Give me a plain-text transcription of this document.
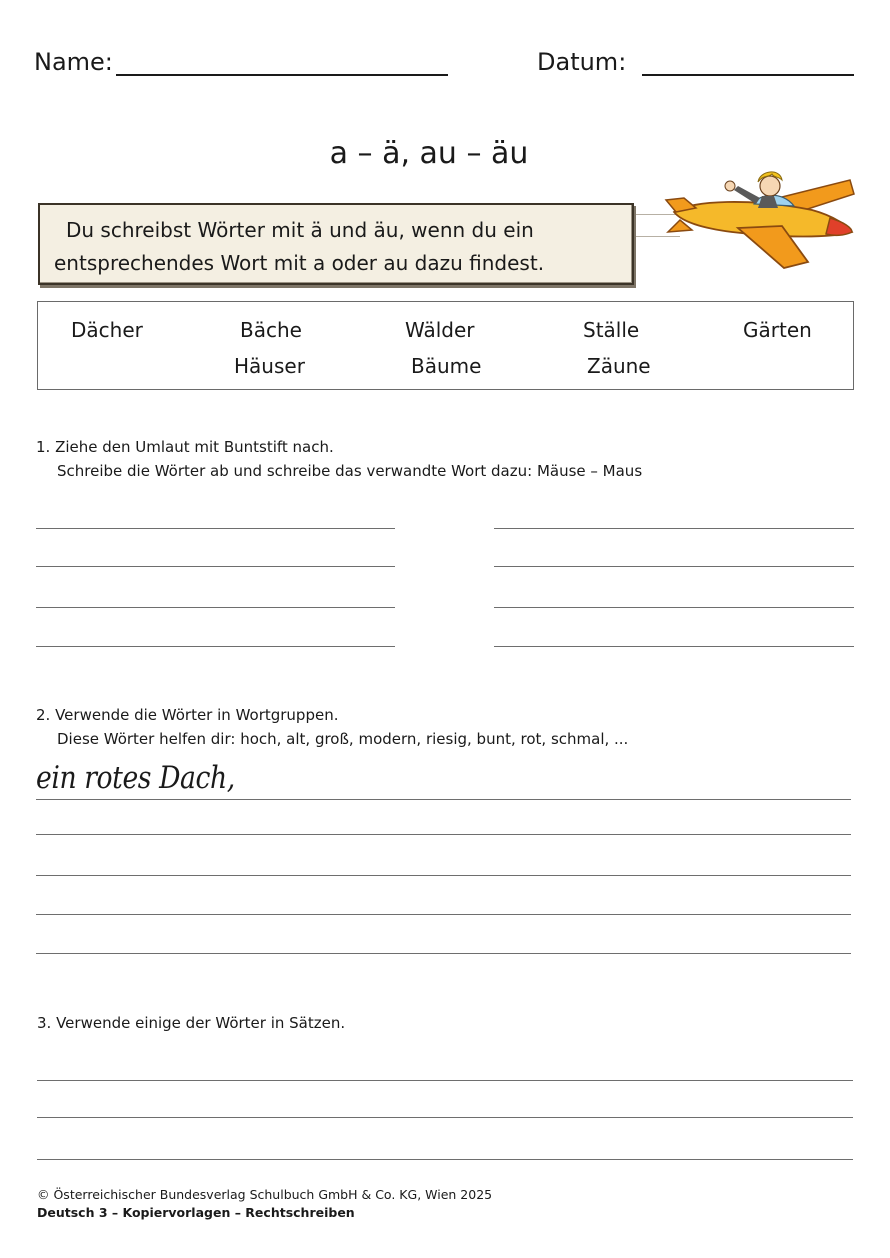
Name:	Datum:
a – ä, au – äu
Du schreibst Wörter mit ä und äu, wenn du ein
entsprechendes Wort mit a oder au dazu findest.
Dächer	Bäche	Wälder	Ställe	Gärten
Häuser	Bäume	Zäune
1. Ziehe den Umlaut mit Buntstift nach.
Schreibe die Wörter ab und schreibe das verwandte Wort dazu: Mäuse – Maus
2. Verwende die Wörter in Wortgruppen.
Diese Wörter helfen dir: hoch, alt, groß, modern, riesig, bunt, rot, schmal, ...
ein rotes Dach,
3. Verwende einige der Wörter in Sätzen.
© Österreichischer Bundesverlag Schulbuch GmbH & Co. KG, Wien 2025
Deutsch 3 – Kopiervorlagen – Rechtschreiben
